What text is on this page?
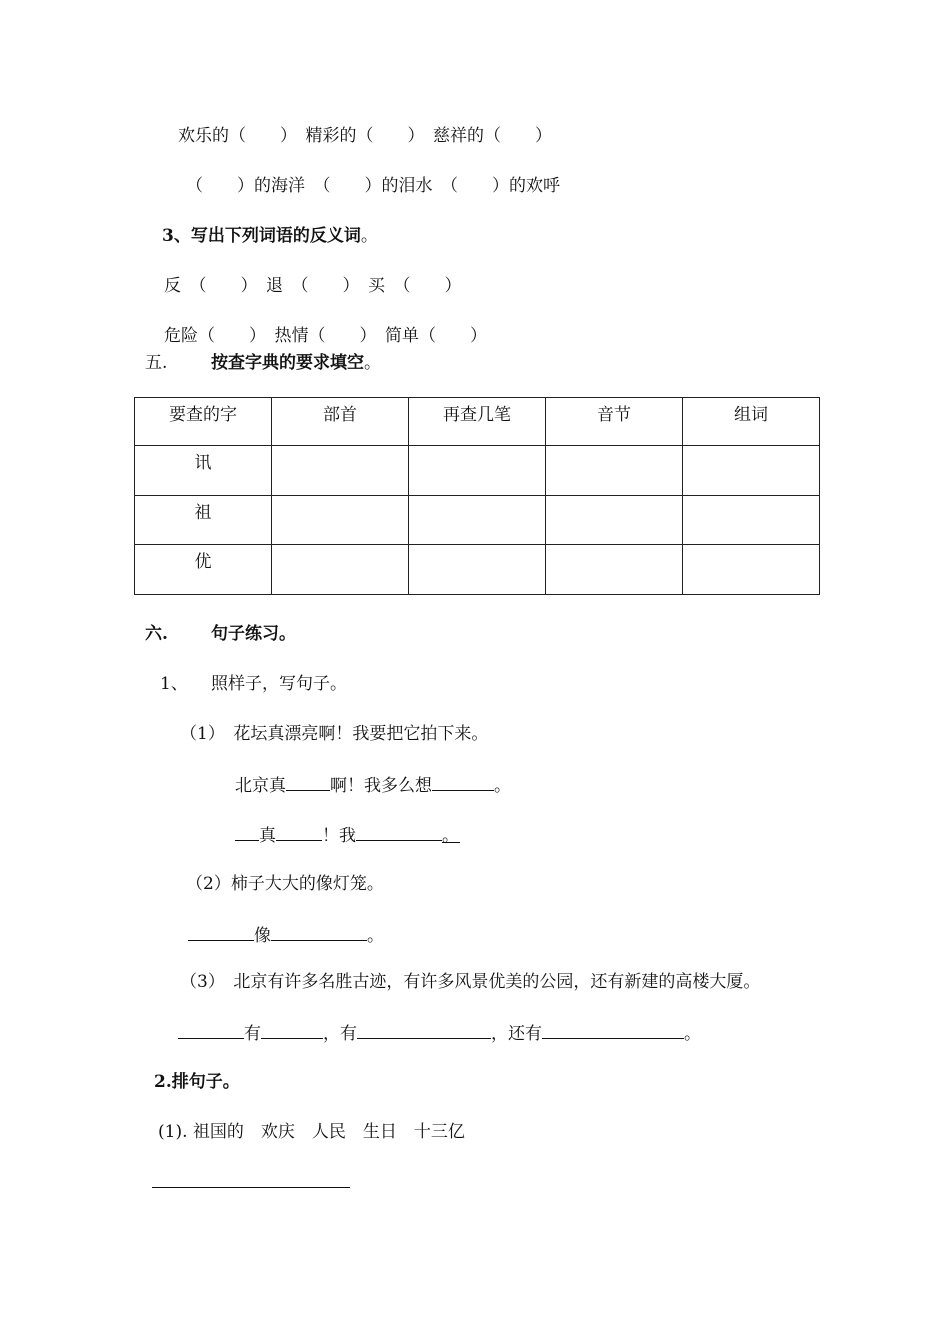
欢乐的（　　）　精彩的（　　）　慈祥的（　　）
（　　）的海洋　（　　）的泪水　（　　）的欢呼
3、写出下列词语的反义词。
反　（　　）　退　（　　）　买　（　　）
危险（　　）　热情（　　）　简单（　　）
五.	按查字典的要求填空。
要查的字	部首	再查几笔	音节	组词
讯				
祖				
优				
六.	句子练习。
1、 照样子，写句子。
（1）　花坛真漂亮啊！我要把它拍下来。
北京真	啊！我多么想	。
真	！我	。
（2）柿子大大的像灯笼。
像	。
（3）　北京有许多名胜古迹，有许多风景优美的公园，还有新建的高楼大厦。
有	，有	，还有	。
2.排句子。
(1). 祖国的　欢庆　人民　生日　十三亿
